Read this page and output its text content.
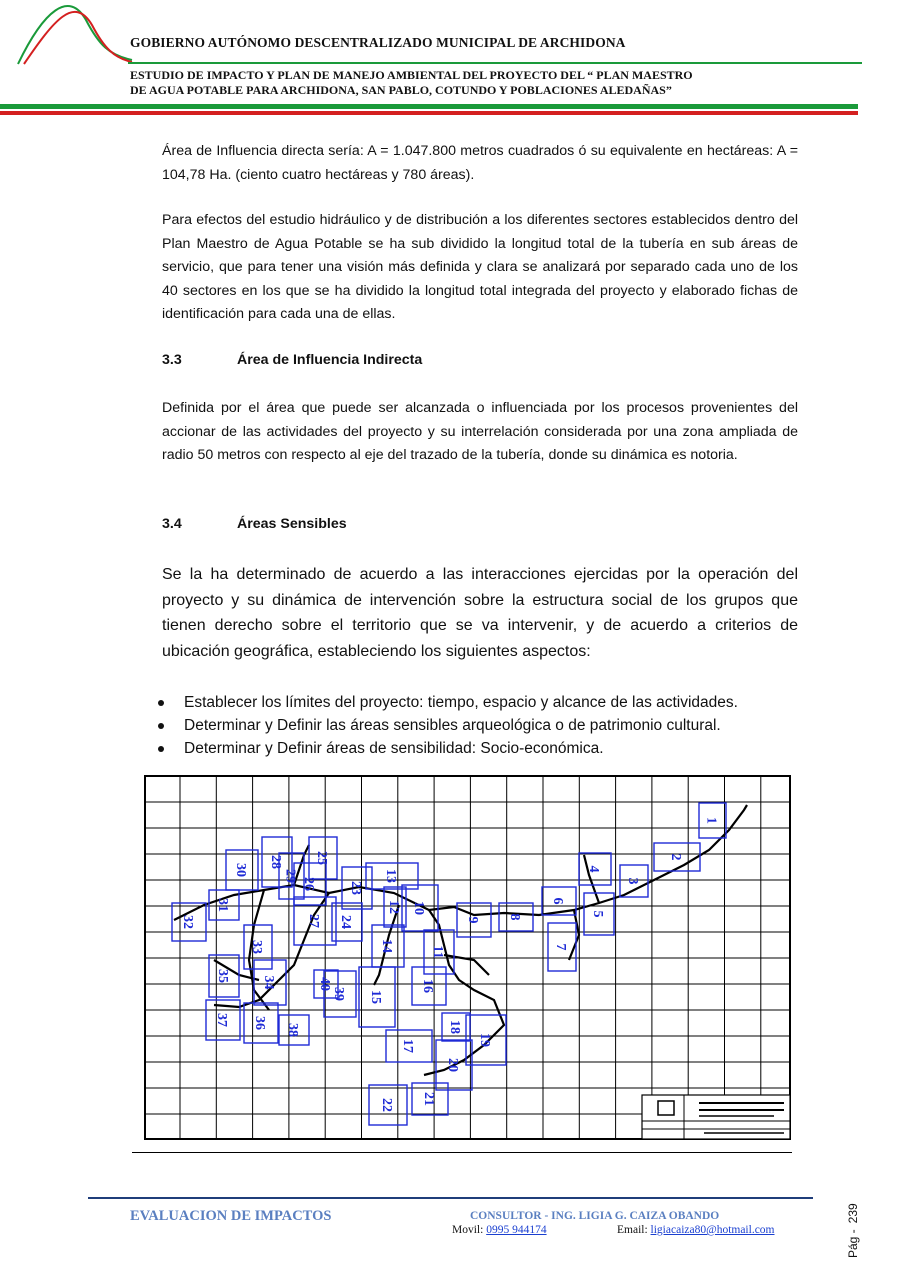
GOBIERNO AUTÓNOMO DESCENTRALIZADO MUNICIPAL DE ARCHIDONA
ESTUDIO DE IMPACTO Y PLAN DE MANEJO AMBIENTAL DEL PROYECTO DEL “ PLAN MAESTRO
DE AGUA POTABLE PARA ARCHIDONA, SAN PABLO, COTUNDO Y POBLACIONES ALEDAÑAS”
Área de Influencia directa sería: A = 1.047.800 metros cuadrados ó su equivalente en hectáreas: A = 104,78 Ha. (ciento cuatro hectáreas y 780 áreas).
Para efectos del estudio hidráulico y de distribución a los diferentes sectores establecidos dentro del Plan Maestro de Agua Potable se ha sub dividido la longitud total de la tubería en sub áreas de servicio, que para tener una visión más definida y clara se analizará por separado cada uno de los 40 sectores en los que se ha dividido la longitud total integrada del proyecto y elaborado fichas de identificación para cada una de ellas.
3.3	Área de Influencia Indirecta
Definida por el área que puede ser alcanzada o influenciada por los procesos provenientes del accionar de las actividades del proyecto y su interrelación considerada por una zona ampliada de radio 50 metros con respecto al eje del trazado de la tubería, donde su dinámica es notoria.
3.4	Áreas Sensibles
Se la ha determinado de acuerdo a las interacciones ejercidas por la operación del proyecto y su dinámica de intervención sobre la estructura social de los grupos que tienen derecho sobre el territorio que se va intervenir, y de acuerdo a criterios de ubicación geográfica, estableciendo los siguientes aspectos:
Establecer los límites del proyecto: tiempo, espacio y alcance de las actividades.
Determinar y Definir las áreas sensibles arqueológica o de patrimonio cultural.
Determinar y Definir áreas de sensibilidad: Socio-económica.
1
2
3
4
5
6
7
8
9
10
11
12
13
14
15
16
17
18
19
20
21
22
23
24
25
26
27
28
29
30
31
32
33
34
35
36
37
38
39
40
EVALUACION DE IMPACTOS	CONSULTOR - ING. LIGIA G. CAIZA OBANDO
Movil: 0995 944174	Email: ligiacaiza80@hotmail.com	Pág -239
